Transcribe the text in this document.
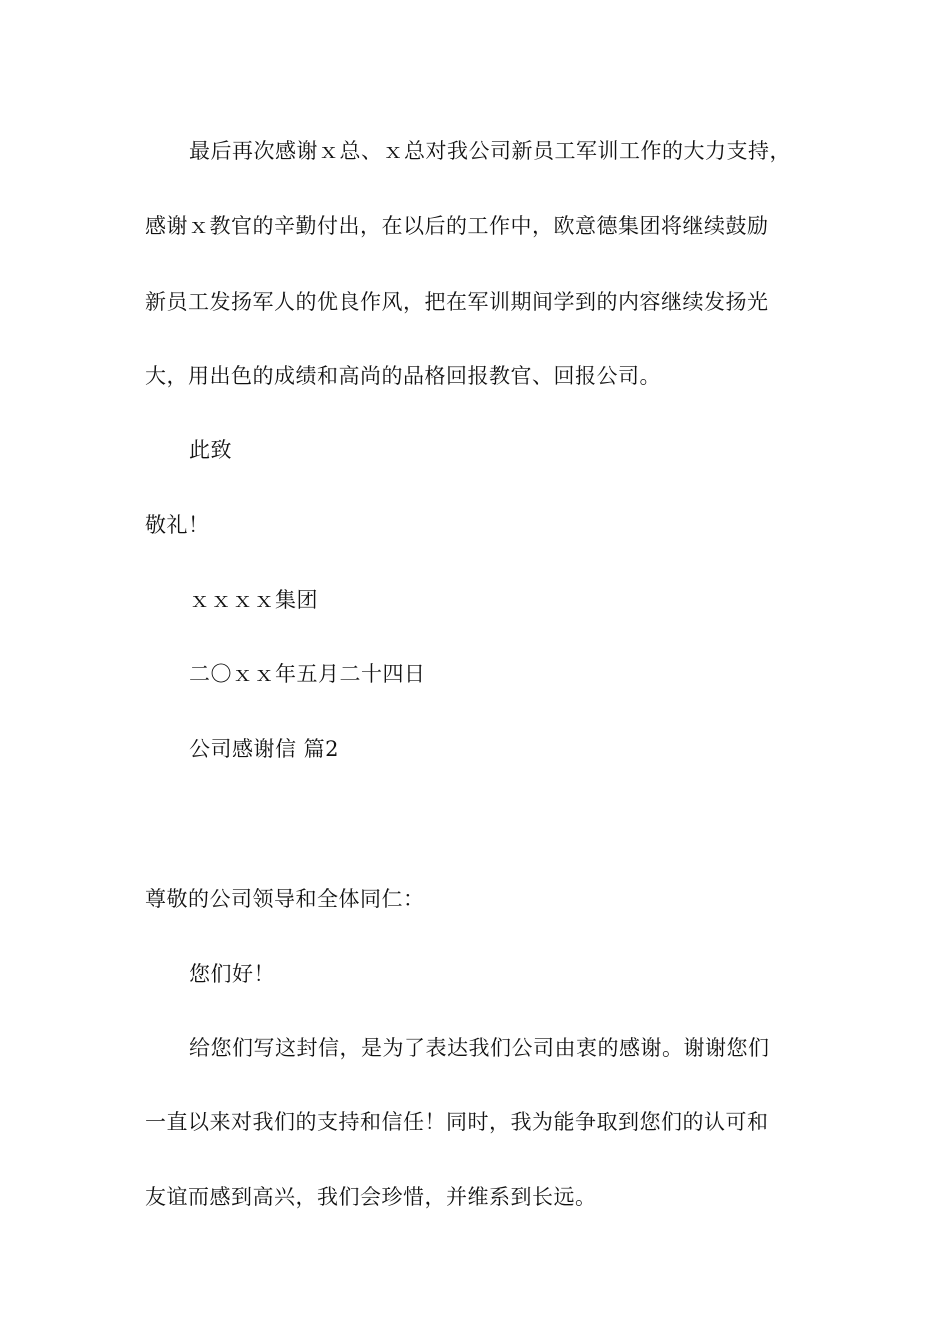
最后再次感谢ｘ总、ｘ总对我公司新员工军训工作的大力支持，
感谢ｘ教官的辛勤付出，在以后的工作中，欧意德集团将继续鼓励
新员工发扬军人的优良作风，把在军训期间学到的内容继续发扬光
大，用出色的成绩和高尚的品格回报教官、回报公司。
此致
敬礼！
ｘｘｘｘ集团
二〇ｘｘ年五月二十四日
公司感谢信 篇2
尊敬的公司领导和全体同仁：
您们好！
给您们写这封信，是为了表达我们公司由衷的感谢。谢谢您们
一直以来对我们的支持和信任！同时，我为能争取到您们的认可和
友谊而感到高兴，我们会珍惜，并维系到长远。
